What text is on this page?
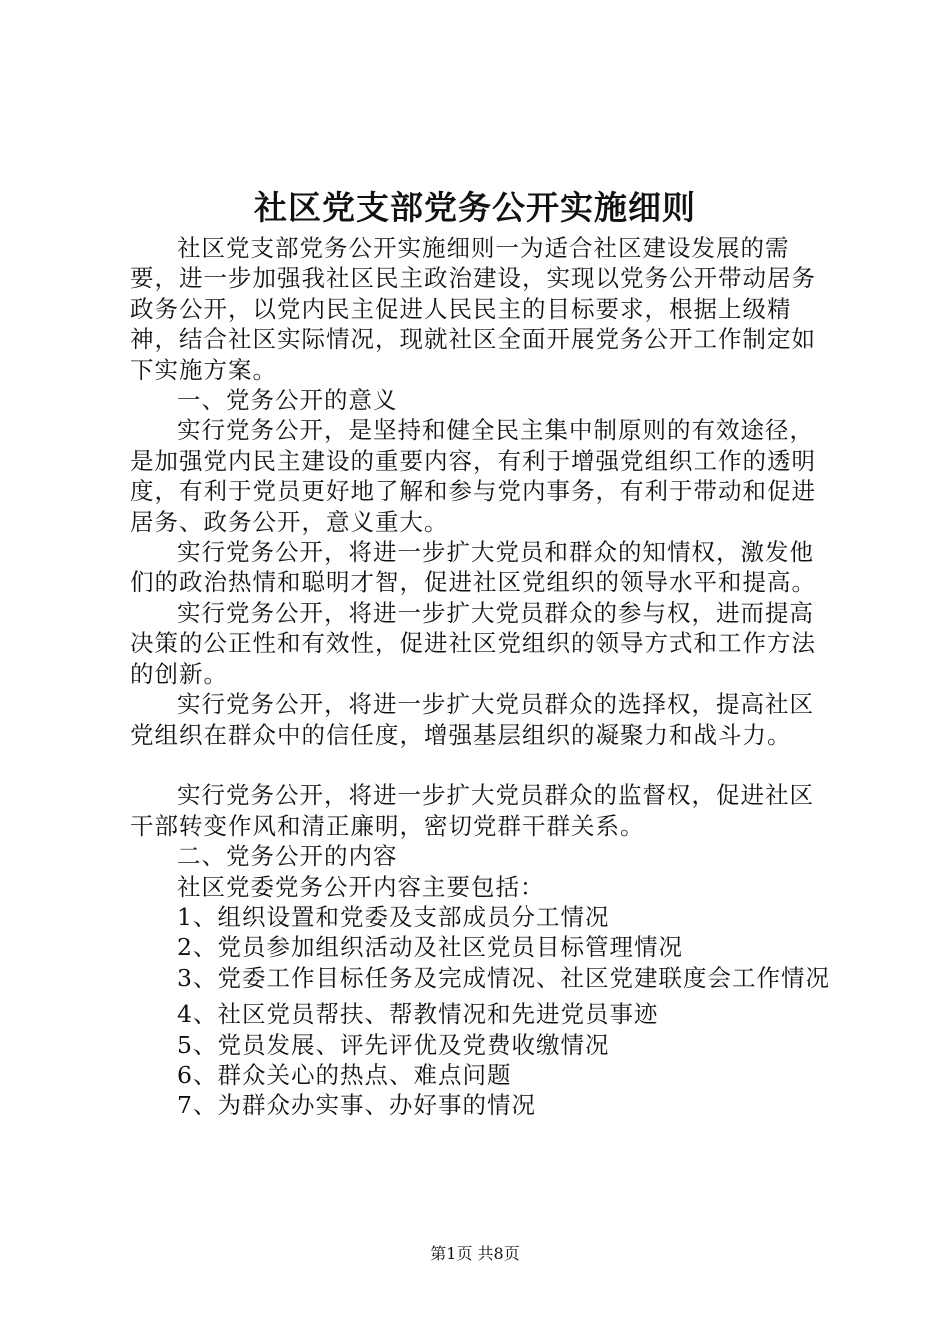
社区党支部党务公开实施细则

社区党支部党务公开实施细则一为适合社区建设发展的需要，进一步加强我社区民主政治建设，实现以党务公开带动居务政务公开，以党内民主促进人民民主的目标要求，根据上级精神，结合社区实际情况，现就社区全面开展党务公开工作制定如下实施方案。

一、党务公开的意义

实行党务公开，是坚持和健全民主集中制原则的有效途径，是加强党内民主建设的重要内容，有利于增强党组织工作的透明度，有利于党员更好地了解和参与党内事务，有利于带动和促进居务、政务公开，意义重大。

实行党务公开，将进一步扩大党员和群众的知情权，激发他们的政治热情和聪明才智，促进社区党组织的领导水平和提高。

实行党务公开，将进一步扩大党员群众的参与权，进而提高决策的公正性和有效性，促进社区党组织的领导方式和工作方法的创新。

实行党务公开，将进一步扩大党员群众的选择权，提高社区党组织在群众中的信任度，增强基层组织的凝聚力和战斗力。

实行党务公开，将进一步扩大党员群众的监督权，促进社区干部转变作风和清正廉明，密切党群干群关系。

二、党务公开的内容

社区党委党务公开内容主要包括：

1、组织设置和党委及支部成员分工情况

2、党员参加组织活动及社区党员目标管理情况

3、党委工作目标任务及完成情况、社区党建联度会工作情况

4、社区党员帮扶、帮教情况和先进党员事迹

5、党员发展、评先评优及党费收缴情况

6、群众关心的热点、难点问题

7、为群众办实事、办好事的情况

第1页 共8页
